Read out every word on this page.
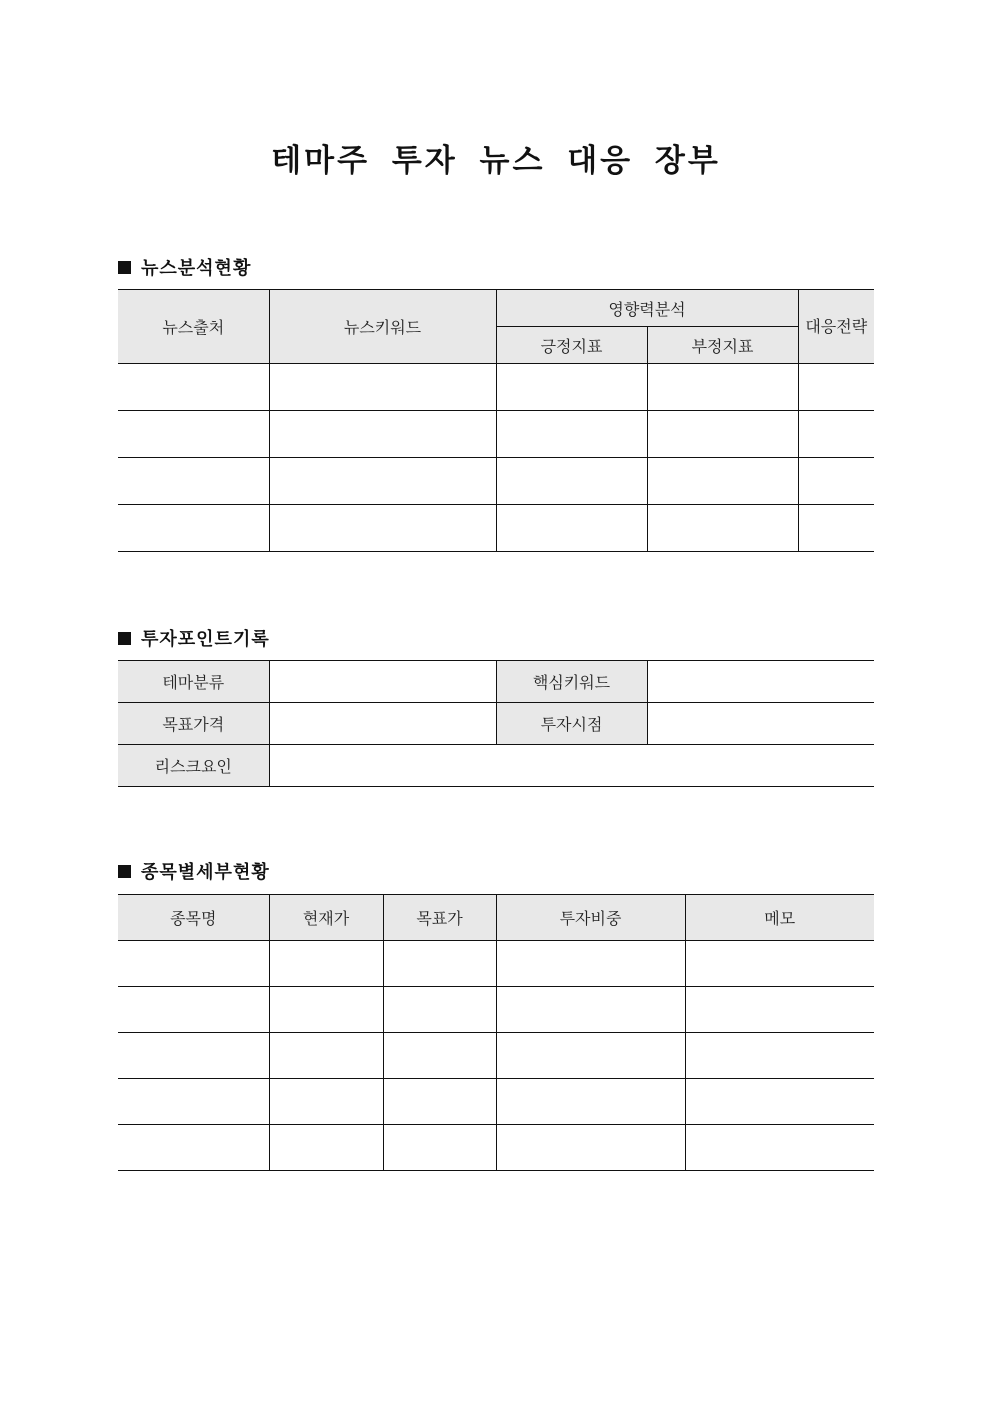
테마주 투자 뉴스 대응 장부
뉴스분석현황
뉴스출처	뉴스키워드	영향력분석		대응전략
		긍정지표	부정지표	

투자포인트기록
테마분류		핵심키워드	
목표가격		투자시점	
리스크요인			
종목별세부현황
종목명	현재가	목표가	투자비중	메모
